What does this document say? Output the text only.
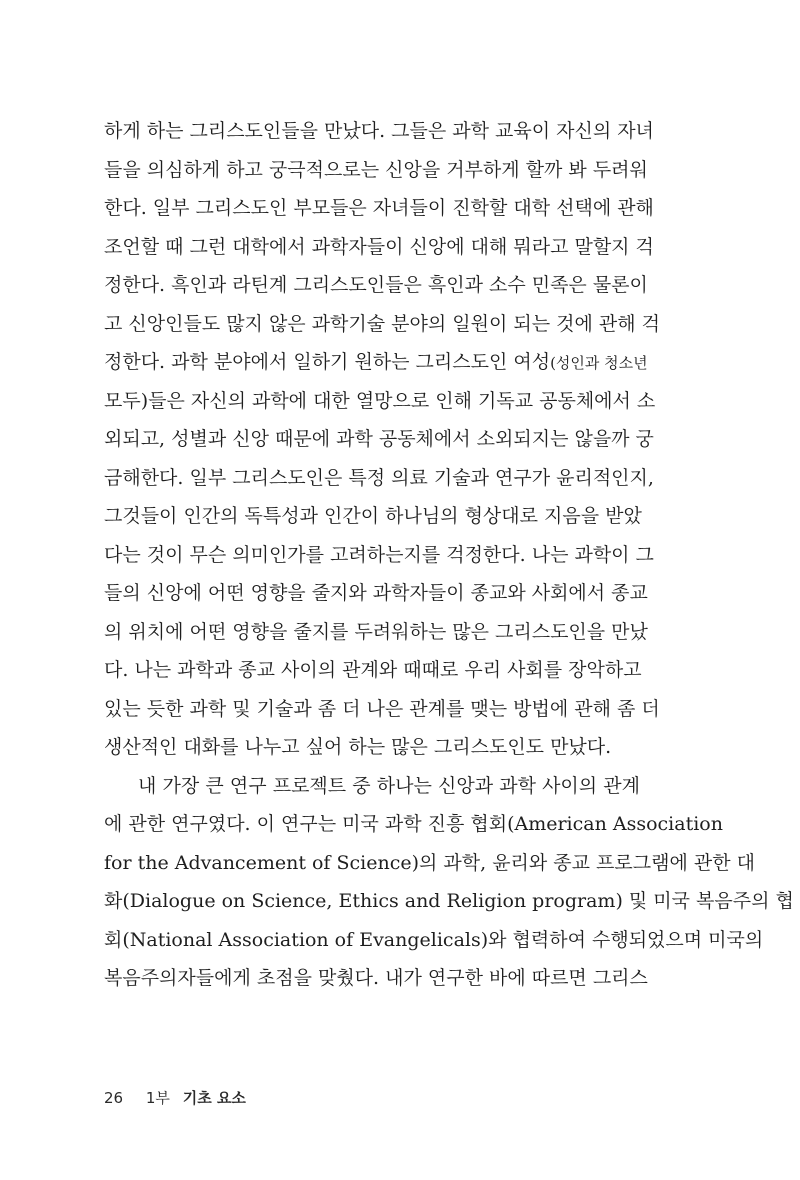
하게 하는 그리스도인들을 만났다. 그들은 과학 교육이 자신의 자녀
들을 의심하게 하고 궁극적으로는 신앙을 거부하게 할까 봐 두려워
한다. 일부 그리스도인 부모들은 자녀들이 진학할 대학 선택에 관해
조언할 때 그런 대학에서 과학자들이 신앙에 대해 뭐라고 말할지 걱
정한다. 흑인과 라틴계 그리스도인들은 흑인과 소수 민족은 물론이
고 신앙인들도 많지 않은 과학기술 분야의 일원이 되는 것에 관해 걱
정한다. 과학 분야에서 일하기 원하는 그리스도인 여성(성인과 청소년
모두)들은 자신의 과학에 대한 열망으로 인해 기독교 공동체에서 소
외되고, 성별과 신앙 때문에 과학 공동체에서 소외되지는 않을까 궁
금해한다. 일부 그리스도인은 특정 의료 기술과 연구가 윤리적인지,
그것들이 인간의 독특성과 인간이 하나님의 형상대로 지음을 받았
다는 것이 무슨 의미인가를 고려하는지를 걱정한다. 나는 과학이 그
들의 신앙에 어떤 영향을 줄지와 과학자들이 종교와 사회에서 종교
의 위치에 어떤 영향을 줄지를 두려워하는 많은 그리스도인을 만났
다. 나는 과학과 종교 사이의 관계와 때때로 우리 사회를 장악하고
있는 듯한 과학 및 기술과 좀 더 나은 관계를 맺는 방법에 관해 좀 더
생산적인 대화를 나누고 싶어 하는 많은 그리스도인도 만났다.
내 가장 큰 연구 프로젝트 중 하나는 신앙과 과학 사이의 관계
에 관한 연구였다. 이 연구는 미국 과학 진흥 협회(American Association
for the Advancement of Science)의 과학, 윤리와 종교 프로그램에 관한 대
화(Dialogue on Science, Ethics and Religion program) 및 미국 복음주의 협
회(National Association of Evangelicals)와 협력하여 수행되었으며 미국의
복음주의자들에게 초점을 맞췄다. 내가 연구한 바에 따르면 그리스
26 1부 기초 요소
